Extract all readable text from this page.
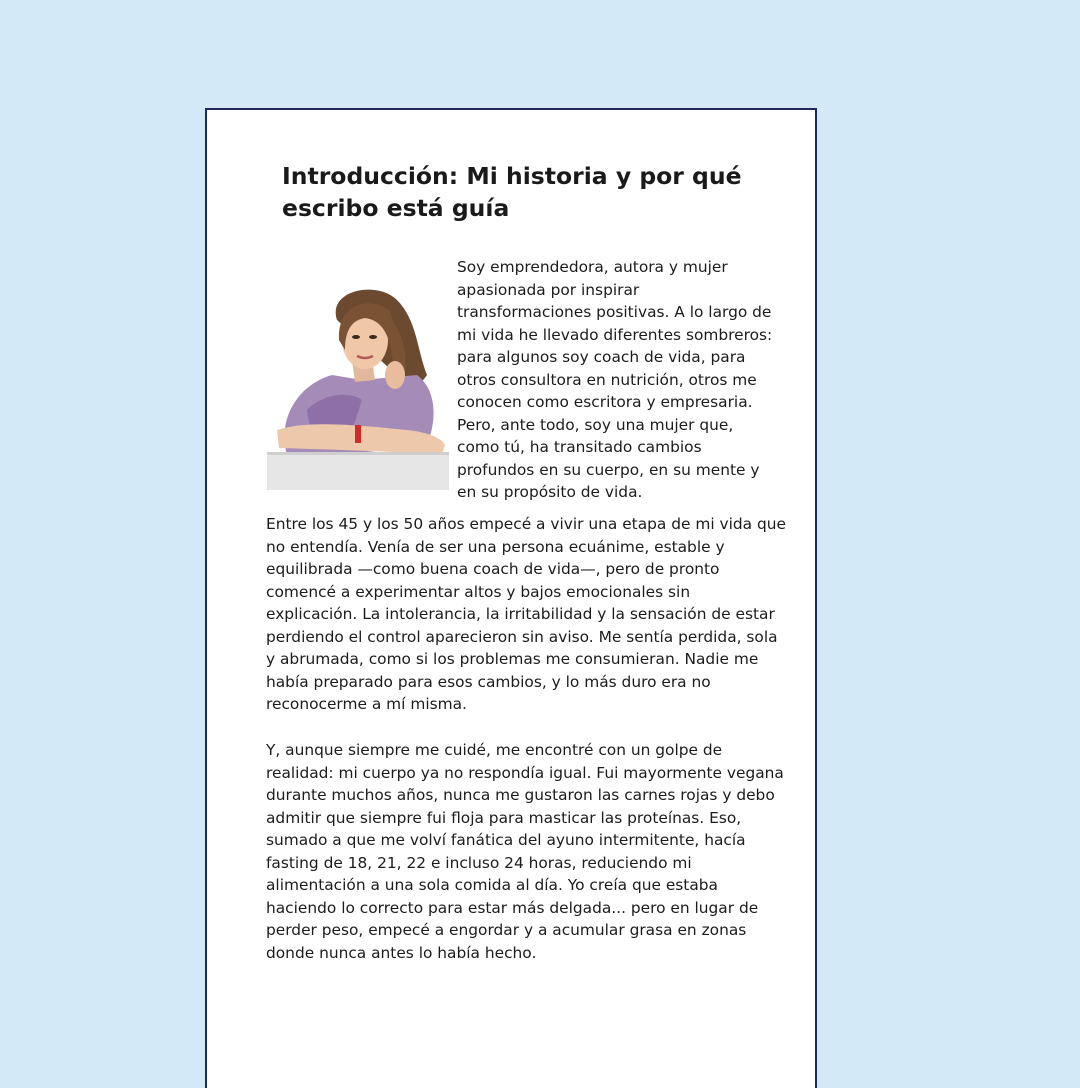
Introducción: Mi historia y por qué escribo está guía

Soy emprendedora, autora y mujer apasionada por inspirar transformaciones positivas. A lo largo de mi vida he llevado diferentes sombreros: para algunos soy coach de vida, para otros consultora en nutrición, otros me conocen como escritora y empresaria. Pero, ante todo, soy una mujer que, como tú, ha transitado cambios profundos en su cuerpo, en su mente y en su propósito de vida.

Entre los 45 y los 50 años empecé a vivir una etapa de mi vida que no entendía. Venía de ser una persona ecuánime, estable y equilibrada —como buena coach de vida—, pero de pronto comencé a experimentar altos y bajos emocionales sin explicación. La intolerancia, la irritabilidad y la sensación de estar perdiendo el control aparecieron sin aviso. Me sentía perdida, sola y abrumada, como si los problemas me consumieran. Nadie me había preparado para esos cambios, y lo más duro era no reconocerme a mí misma.

Y, aunque siempre me cuidé, me encontré con un golpe de realidad: mi cuerpo ya no respondía igual. Fui mayormente vegana durante muchos años, nunca me gustaron las carnes rojas y debo admitir que siempre fui floja para masticar las proteínas. Eso, sumado a que me volví fanática del ayuno intermitente, hacía fasting de 18, 21, 22 e incluso 24 horas, reduciendo mi alimentación a una sola comida al día. Yo creía que estaba haciendo lo correcto para estar más delgada... pero en lugar de perder peso, empecé a engordar y a acumular grasa en zonas donde nunca antes lo había hecho.
